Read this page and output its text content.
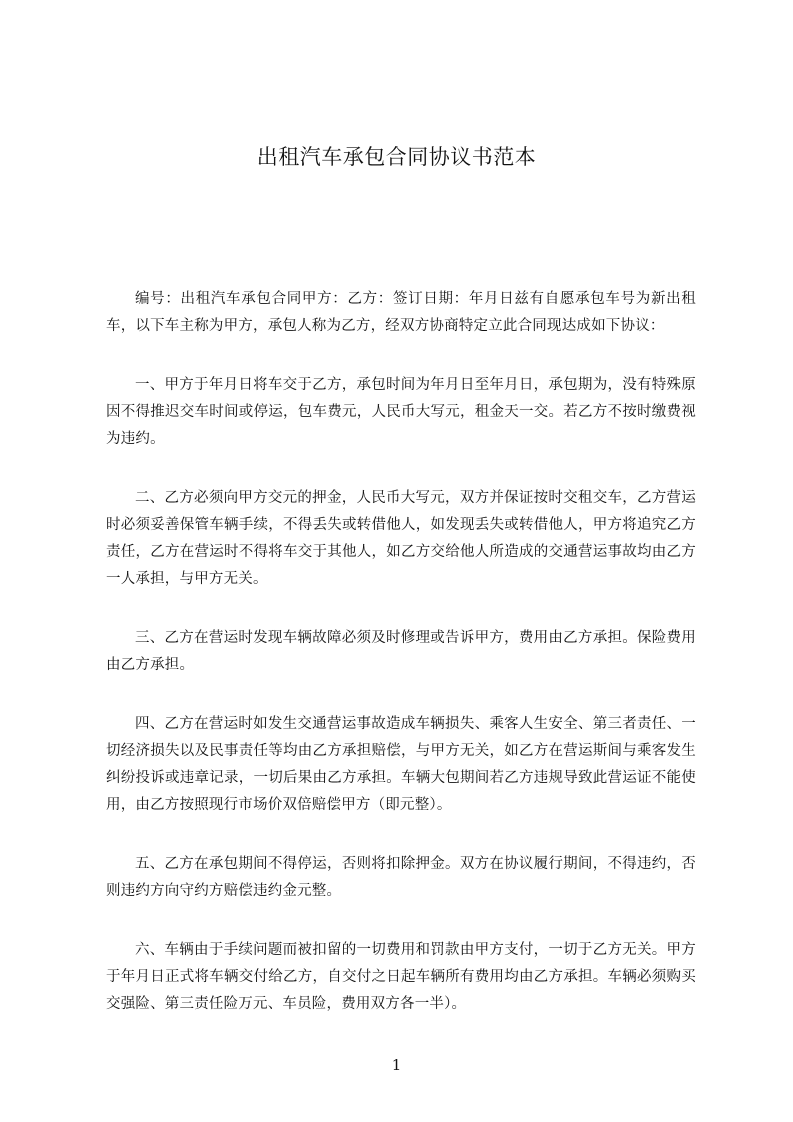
出租汽车承包合同协议书范本

编号：出租汽车承包合同甲方：乙方：签订日期：年月日兹有自愿承包车号为新出租车，以下车主称为甲方，承包人称为乙方，经双方协商特定立此合同现达成如下协议：

一、甲方于年月日将车交于乙方，承包时间为年月日至年月日，承包期为，没有特殊原因不得推迟交车时间或停运，包车费元，人民币大写元，租金天一交。若乙方不按时缴费视为违约。

二、乙方必须向甲方交元的押金，人民币大写元，双方并保证按时交租交车，乙方营运时必须妥善保管车辆手续，不得丢失或转借他人，如发现丢失或转借他人，甲方将追究乙方责任，乙方在营运时不得将车交于其他人，如乙方交给他人所造成的交通营运事故均由乙方一人承担，与甲方无关。

三、乙方在营运时发现车辆故障必须及时修理或告诉甲方，费用由乙方承担。保险费用由乙方承担。

四、乙方在营运时如发生交通营运事故造成车辆损失、乘客人生安全、第三者责任、一切经济损失以及民事责任等均由乙方承担赔偿，与甲方无关，如乙方在营运斯间与乘客发生纠纷投诉或违章记录，一切后果由乙方承担。车辆大包期间若乙方违规导致此营运证不能使用，由乙方按照现行市场价双倍赔偿甲方（即元整）。

五、乙方在承包期间不得停运，否则将扣除押金。双方在协议履行期间，不得违约，否则违约方向守约方赔偿违约金元整。

六、车辆由于手续问题而被扣留的一切费用和罚款由甲方支付，一切于乙方无关。甲方于年月日正式将车辆交付给乙方，自交付之日起车辆所有费用均由乙方承担。车辆必须购买交强险、第三责任险万元、车员险，费用双方各一半）。

1
